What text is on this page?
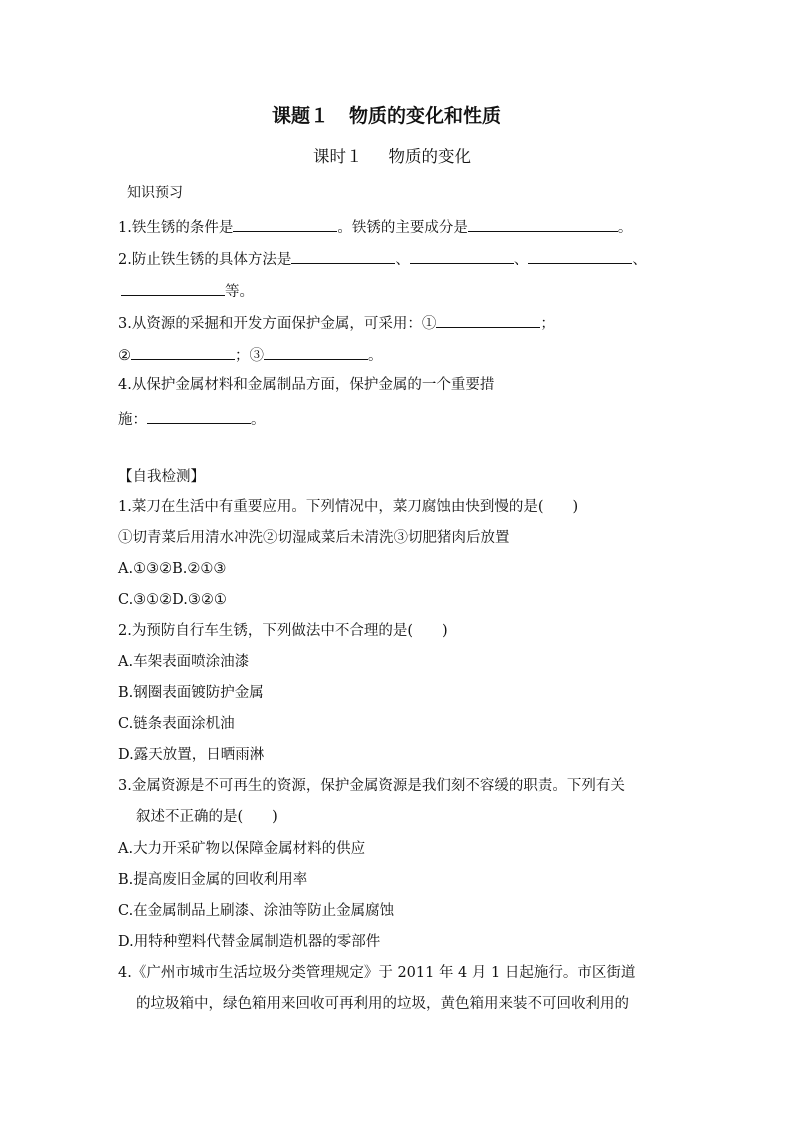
课题１ 物质的变化和性质
课时１ 物质的变化
知识预习
1.铁生锈的条件是	。铁锈的主要成分是	。
2.防止铁生锈的具体方法是	、	、	、
等。
3.从资源的采掘和开发方面保护金属，可采用：①	；
②	；③	。
4.从保护金属材料和金属制品方面，保护金属的一个重要措
施：	。
【自我检测】
1.菜刀在生活中有重要应用。下列情况中，菜刀腐蚀由快到慢的是(　　)
①切青菜后用清水冲洗②切湿咸菜后未清洗③切肥猪肉后放置
A.①③②B.②①③
C.③①②D.③②①
2.为预防自行车生锈，下列做法中不合理的是(　　)
A.车架表面喷涂油漆
B.钢圈表面镀防护金属
C.链条表面涂机油
D.露天放置，日晒雨淋
3.金属资源是不可再生的资源，保护金属资源是我们刻不容缓的职责。下列有关
叙述不正确的是(　　)
A.大力开采矿物以保障金属材料的供应
B.提高废旧金属的回收利用率
C.在金属制品上刷漆、涂油等防止金属腐蚀
D.用特种塑料代替金属制造机器的零部件
4.《广州市城市生活垃圾分类管理规定》于 2011 年 4 月 1 日起施行。市区街道
的垃圾箱中，绿色箱用来回收可再利用的垃圾，黄色箱用来装不可回收利用的
